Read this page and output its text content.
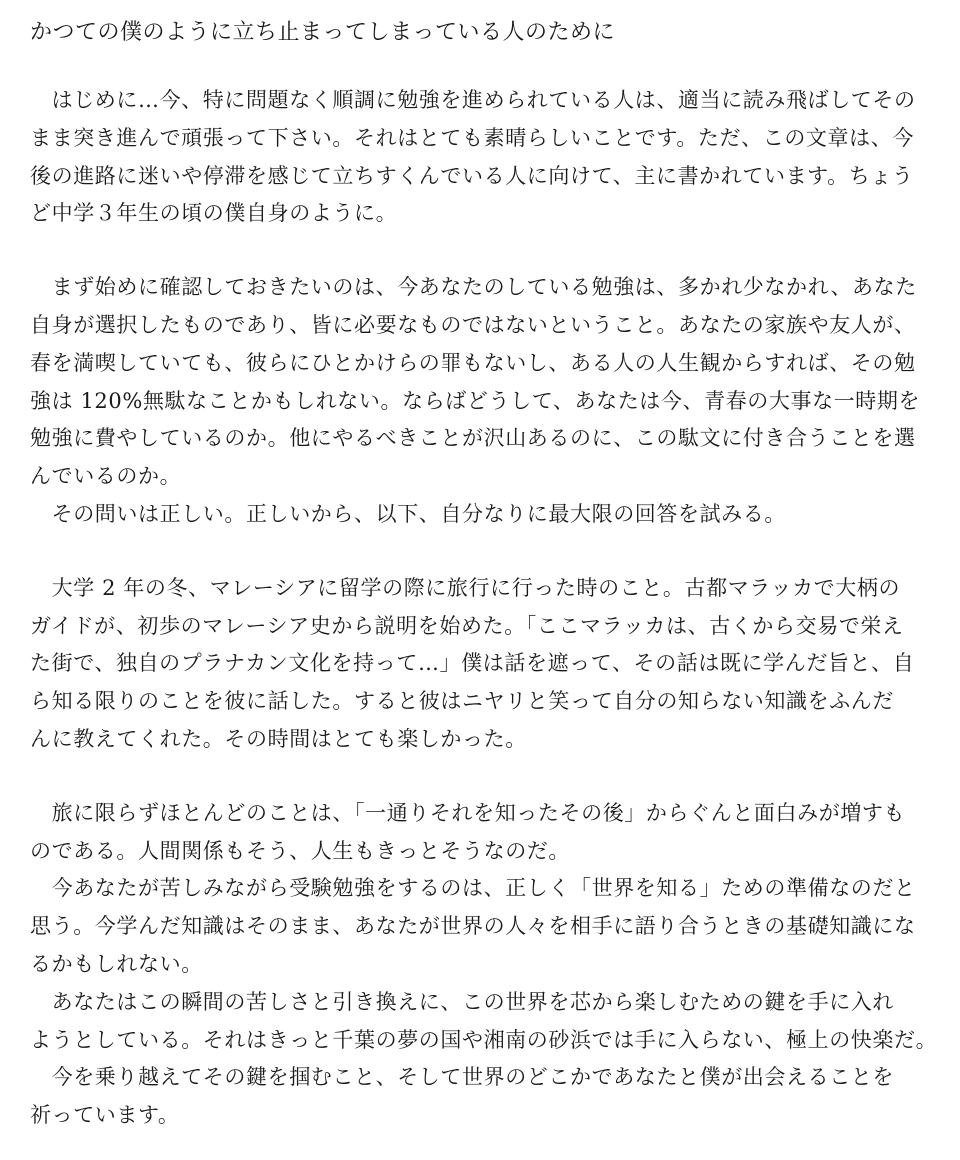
かつての僕のように立ち止まってしまっている人のために

　はじめに…今、特に問題なく順調に勉強を進められている人は、適当に読み飛ばしてその
まま突き進んで頑張って下さい。それはとても素晴らしいことです。ただ、この文章は、今
後の進路に迷いや停滞を感じて立ちすくんでいる人に向けて、主に書かれています。ちょう
ど中学３年生の頃の僕自身のように。

　まず始めに確認しておきたいのは、今あなたのしている勉強は、多かれ少なかれ、あなた
自身が選択したものであり、皆に必要なものではないということ。あなたの家族や友人が、
春を満喫していても、彼らにひとかけらの罪もないし、ある人の人生観からすれば、その勉
強は 120%無駄なことかもしれない。ならばどうして、あなたは今、青春の大事な一時期を
勉強に費やしているのか。他にやるべきことが沢山あるのに、この駄文に付き合うことを選
んでいるのか。

　その問いは正しい。正しいから、以下、自分なりに最大限の回答を試みる。

　大学 2 年の冬、マレーシアに留学の際に旅行に行った時のこと。古都マラッカで大柄の
ガイドが、初歩のマレーシア史から説明を始めた。「ここマラッカは、古くから交易で栄え
た街で、独自のプラナカン文化を持って…」僕は話を遮って、その話は既に学んだ旨と、自
ら知る限りのことを彼に話した。すると彼はニヤリと笑って自分の知らない知識をふんだ
んに教えてくれた。その時間はとても楽しかった。

　旅に限らずほとんどのことは、「一通りそれを知ったその後」からぐんと面白みが増すも
のである。人間関係もそう、人生もきっとそうなのだ。

　今あなたが苦しみながら受験勉強をするのは、正しく「世界を知る」ための準備なのだと
思う。今学んだ知識はそのまま、あなたが世界の人々を相手に語り合うときの基礎知識にな
るかもしれない。

　あなたはこの瞬間の苦しさと引き換えに、この世界を芯から楽しむための鍵を手に入れ
ようとしている。それはきっと千葉の夢の国や湘南の砂浜では手に入らない、極上の快楽だ。

　今を乗り越えてその鍵を掴むこと、そして世界のどこかであなたと僕が出会えることを
祈っています。
